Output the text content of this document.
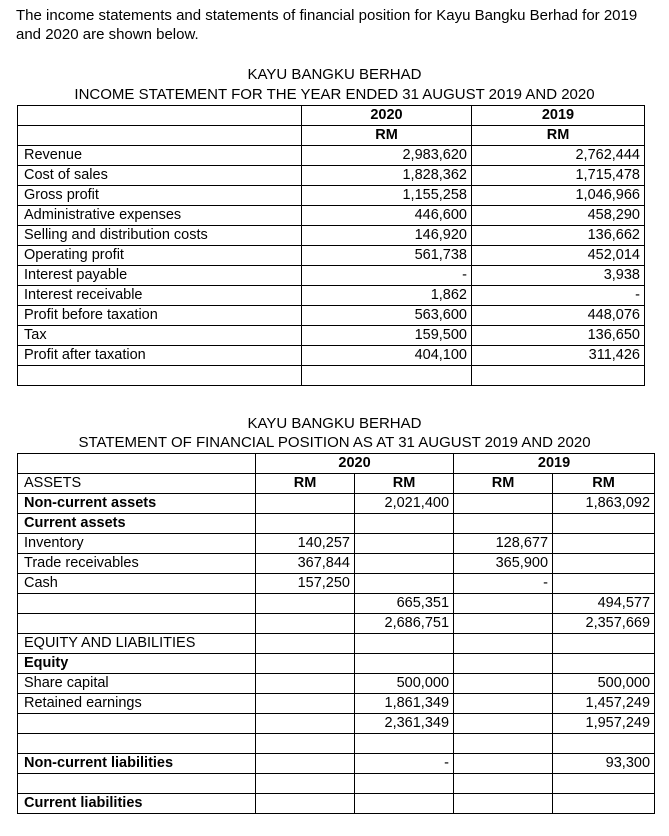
The income statements and statements of financial position for Kayu Bangku Berhad for 2019 and 2020 are shown below.
KAYU BANGKU BERHAD
INCOME STATEMENT FOR THE YEAR ENDED 31 AUGUST 2019 AND 2020
	2020	2019
	RM	RM
Revenue	2,983,620	2,762,444
Cost of sales	1,828,362	1,715,478
Gross profit	1,155,258	1,046,966
Administrative expenses	446,600	458,290
Selling and distribution costs	146,920	136,662
Operating profit	561,738	452,014
Interest payable	-	3,938
Interest receivable	1,862	-
Profit before taxation	563,600	448,076
Tax	159,500	136,650
Profit after taxation	404,100	311,426

KAYU BANGKU BERHAD
STATEMENT OF FINANCIAL POSITION AS AT 31 AUGUST 2019 AND 2020
	2020		2019	
ASSETS	RM	RM	RM	RM
Non-current assets		2,021,400		1,863,092
Current assets				
Inventory	140,257		128,677	
Trade receivables	367,844		365,900	
Cash	157,250		-	
		665,351		494,577
		2,686,751		2,357,669
EQUITY AND LIABILITIES				
Equity				
Share capital		500,000		500,000
Retained earnings		1,861,349		1,457,249
		2,361,349		1,957,249

Non-current liabilities		-		93,300

Current liabilities				
